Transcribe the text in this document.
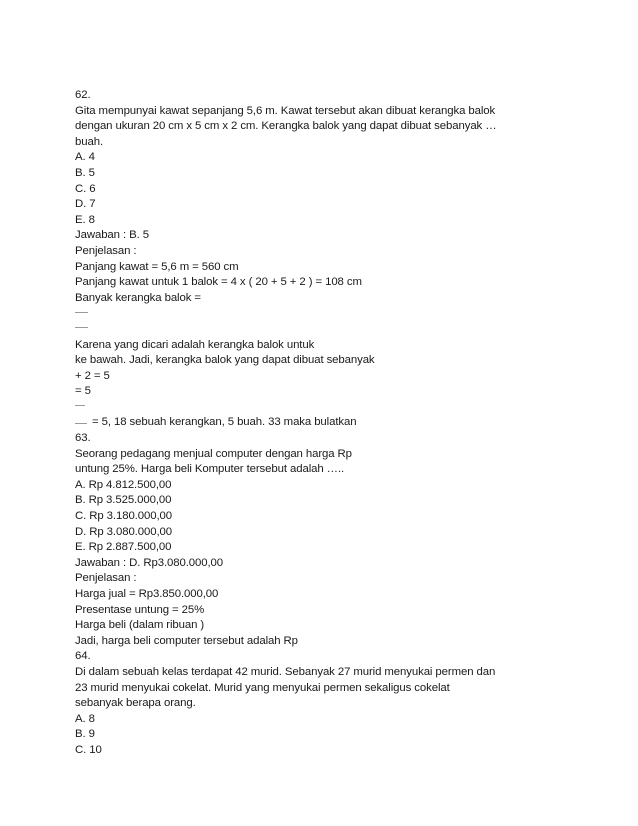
62.
Gita mempunyai kawat sepanjang 5,6 m. Kawat tersebut akan dibuat kerangka balok
dengan ukuran 20 cm x 5 cm x 2 cm. Kerangka balok yang dapat dibuat sebanyak …
buah.
A. 4
B. 5
C. 6
D. 7
E. 8
Jawaban : B. 5
Penjelasan :
Panjang kawat = 5,6 m = 560 cm
Panjang kawat untuk 1 balok = 4 x ( 20 + 5 + 2 ) = 108 cm
Banyak kerangka balok =
Karena yang dicari adalah kerangka balok untuk
ke bawah. Jadi, kerangka balok yang dapat dibuat sebanyak
+ 2 = 5
= 5
= 5, 18 sebuah kerangkan, 5 buah. 33 maka bulatkan
63.
Seorang pedagang menjual computer dengan harga Rp
untung 25%. Harga beli Komputer tersebut adalah …..
A. Rp 4.812.500,00
B. Rp 3.525.000,00
C. Rp 3.180.000,00
D. Rp 3.080.000,00
E. Rp 2.887.500,00
Jawaban : D. Rp3.080.000,00
Penjelasan :
Harga jual = Rp3.850.000,00
Presentase untung = 25%
Harga beli (dalam ribuan )
Jadi, harga beli computer tersebut adalah Rp
64.
Di dalam sebuah kelas terdapat 42 murid. Sebanyak 27 murid menyukai permen dan
23 murid menyukai cokelat. Murid yang menyukai permen sekaligus cokelat
sebanyak berapa orang.
A. 8
B. 9
C. 10
